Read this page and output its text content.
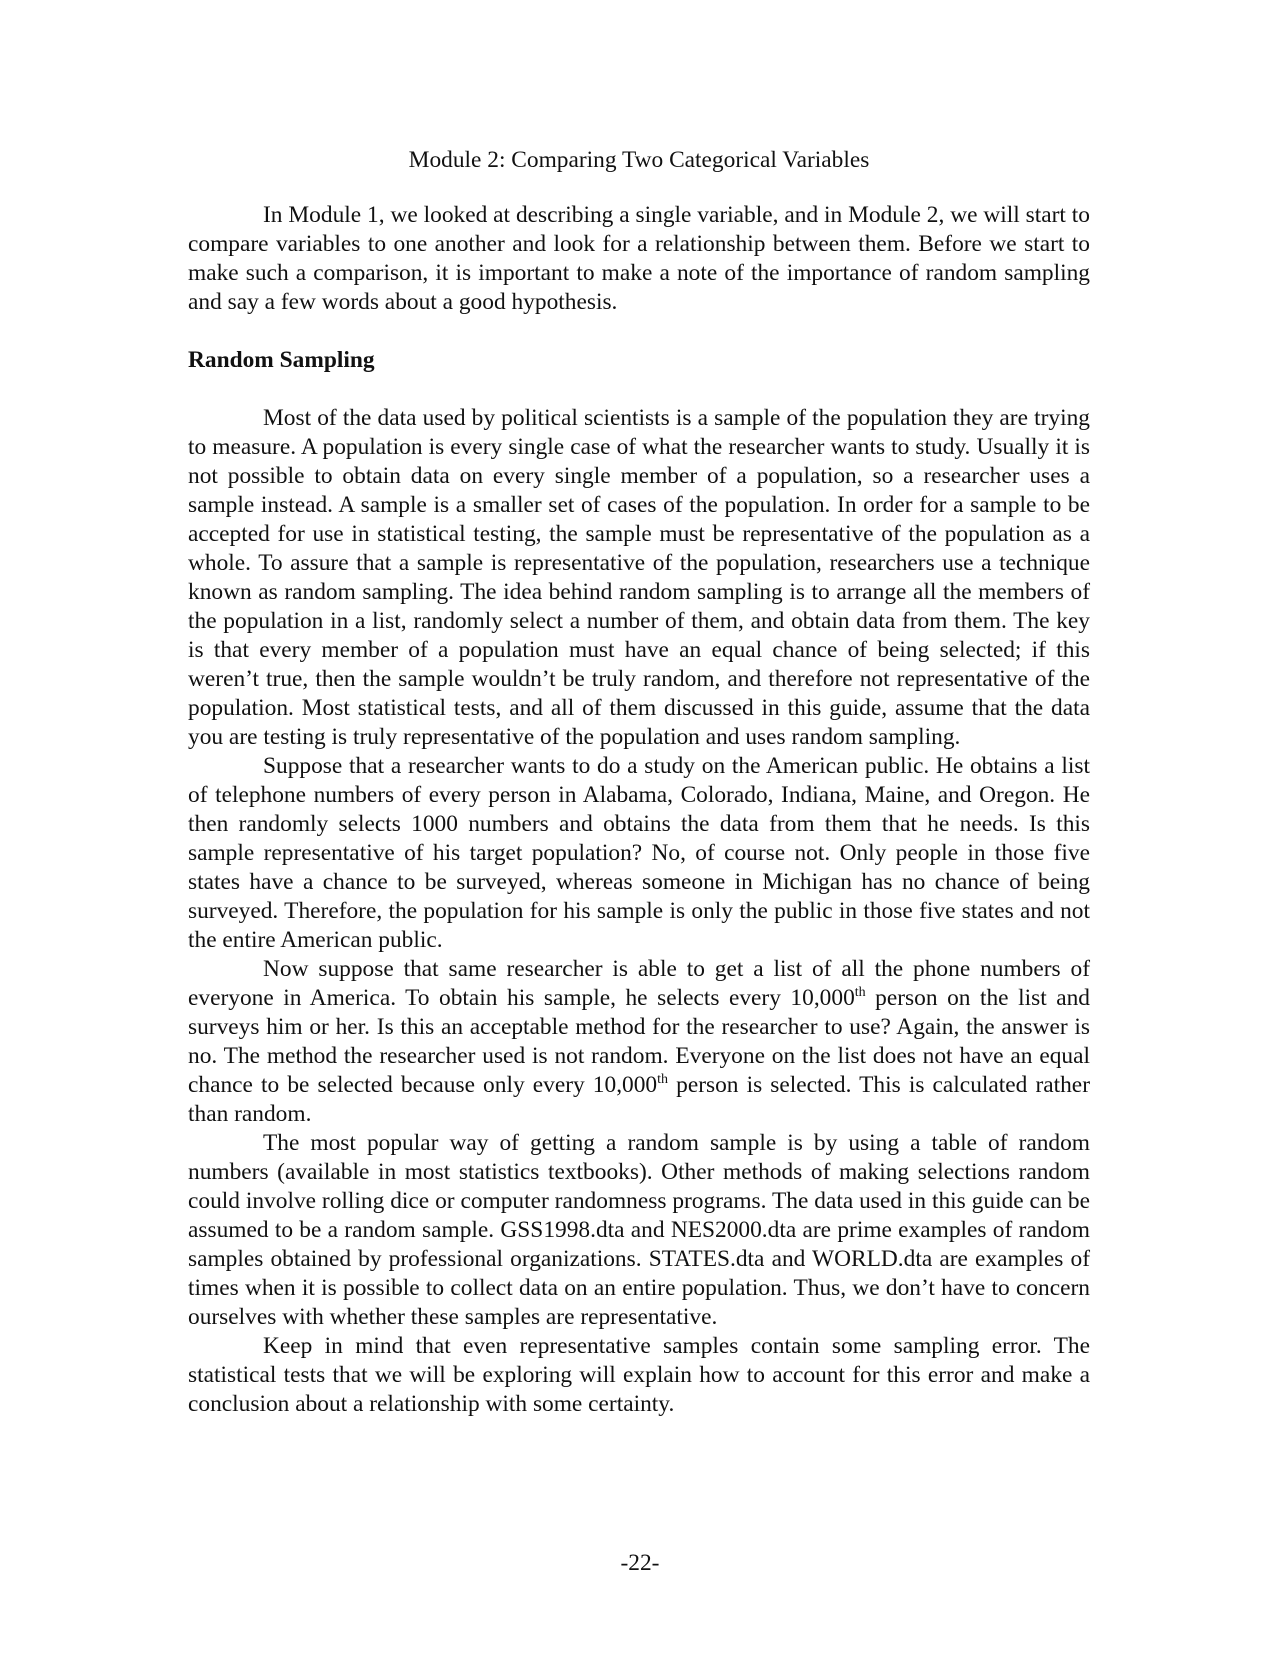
Module 2: Comparing Two Categorical Variables

In Module 1, we looked at describing a single variable, and in Module 2, we will start to compare variables to one another and look for a relationship between them. Before we start to make such a comparison, it is important to make a note of the importance of random sampling and say a few words about a good hypothesis.

Random Sampling

Most of the data used by political scientists is a sample of the population they are trying to measure. A population is every single case of what the researcher wants to study. Usually it is not possible to obtain data on every single member of a population, so a researcher uses a sample instead. A sample is a smaller set of cases of the population. In order for a sample to be accepted for use in statistical testing, the sample must be representative of the population as a whole. To assure that a sample is representative of the population, researchers use a technique known as random sampling. The idea behind random sampling is to arrange all the members of the population in a list, randomly select a number of them, and obtain data from them. The key is that every member of a population must have an equal chance of being selected; if this weren’t true, then the sample wouldn’t be truly random, and therefore not representative of the population. Most statistical tests, and all of them discussed in this guide, assume that the data you are testing is truly representative of the population and uses random sampling.

Suppose that a researcher wants to do a study on the American public. He obtains a list of telephone numbers of every person in Alabama, Colorado, Indiana, Maine, and Oregon. He then randomly selects 1000 numbers and obtains the data from them that he needs. Is this sample representative of his target population? No, of course not. Only people in those five states have a chance to be surveyed, whereas someone in Michigan has no chance of being surveyed. Therefore, the population for his sample is only the public in those five states and not the entire American public.

Now suppose that same researcher is able to get a list of all the phone numbers of everyone in America. To obtain his sample, he selects every 10,000th person on the list and surveys him or her. Is this an acceptable method for the researcher to use? Again, the answer is no. The method the researcher used is not random. Everyone on the list does not have an equal chance to be selected because only every 10,000th person is selected. This is calculated rather than random.

The most popular way of getting a random sample is by using a table of random numbers (available in most statistics textbooks). Other methods of making selections random could involve rolling dice or computer randomness programs. The data used in this guide can be assumed to be a random sample. GSS1998.dta and NES2000.dta are prime examples of random samples obtained by professional organizations. STATES.dta and WORLD.dta are examples of times when it is possible to collect data on an entire population. Thus, we don’t have to concern ourselves with whether these samples are representative.

Keep in mind that even representative samples contain some sampling error. The statistical tests that we will be exploring will explain how to account for this error and make a conclusion about a relationship with some certainty.

-22-
